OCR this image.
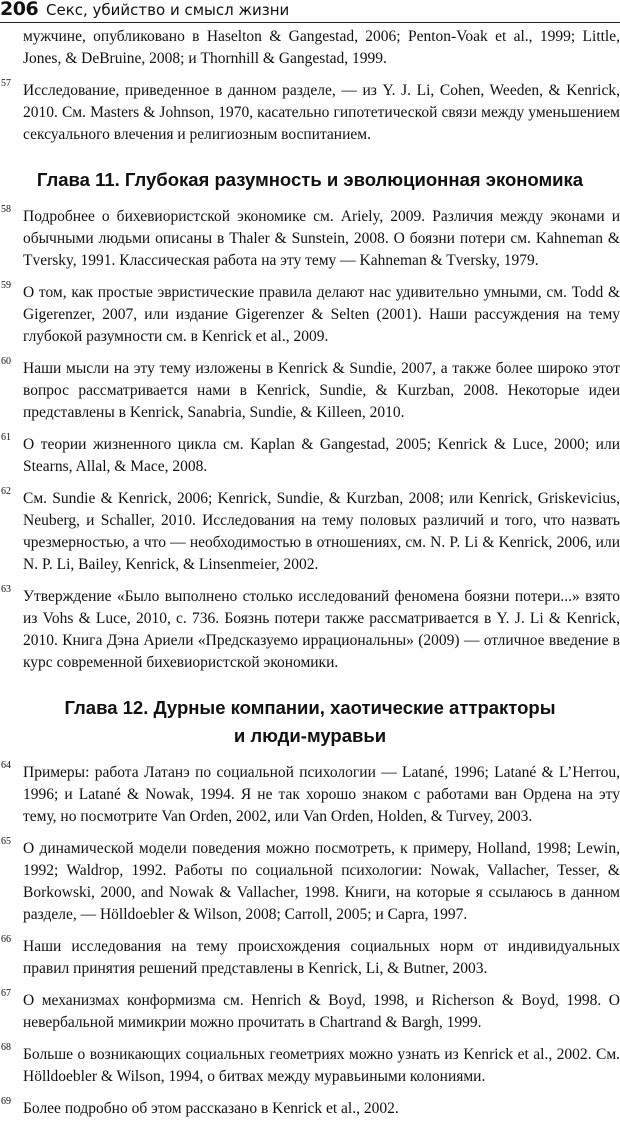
206 Секс, убийство и смысл жизни
мужчине, опубликовано в Haselton & Gangestad, 2006; Penton-Voak et al., 1999; Little, Jones, & DeBruine, 2008; и Thornhill & Gangestad, 1999.
57 Исследование, приведенное в данном разделе, — из Y. J. Li, Cohen, Weeden, & Kenrick, 2010. См. Masters & Johnson, 1970, касательно гипотетической связи между уменьшением сексуального влечения и религиозным воспитанием.
Глава 11. Глубокая разумность и эволюционная экономика
58 Подробнее о бихевиористской экономике см. Ariely, 2009. Различия между эконами и обычными людьми описаны в Thaler & Sunstein, 2008. О боязни потери см. Kahneman & Tversky, 1991. Классическая работа на эту тему — Kahneman & Tversky, 1979.
59 О том, как простые эвристические правила делают нас удивительно умными, см. Todd & Gigerenzer, 2007, или издание Gigerenzer & Selten (2001). Наши рассуждения на тему глубокой разумности см. в Kenrick et al., 2009.
60 Наши мысли на эту тему изложены в Kenrick & Sundie, 2007, а также более широко этот вопрос рассматривается нами в Kenrick, Sundie, & Kurzban, 2008. Некоторые идеи представлены в Kenrick, Sanabria, Sundie, & Killeen, 2010.
61 О теории жизненного цикла см. Kaplan & Gangestad, 2005; Kenrick & Luce, 2000; или Stearns, Allal, & Mace, 2008.
62 См. Sundie & Kenrick, 2006; Kenrick, Sundie, & Kurzban, 2008; или Kenrick, Griskevicius, Neuberg, и Schaller, 2010. Исследования на тему половых различий и того, что назвать чрезмерностью, а что — необходимостью в отношениях, см. N. P. Li & Kenrick, 2006, или N. P. Li, Bailey, Kenrick, & Linsenmeier, 2002.
63 Утверждение «Было выполнено столько исследований феномена боязни потери...» взято из Vohs & Luce, 2010, с. 736. Боязнь потери также рассматривается в Y. J. Li & Kenrick, 2010. Книга Дэна Ариели «Предсказуемо иррациональны» (2009) — отличное введение в курс современной бихевиористской экономики.
Глава 12. Дурные компании, хаотические аттракторы
и люди-муравьи
64 Примеры: работа Латанэ по социальной психологии — Latané, 1996; Latané & L’Herrou, 1996; и Latané & Nowak, 1994. Я не так хорошо знаком с работами ван Ордена на эту тему, но посмотрите Van Orden, 2002, или Van Orden, Holden, & Turvey, 2003.
65 О динамической модели поведения можно посмотреть, к примеру, Holland, 1998; Lewin, 1992; Waldrop, 1992. Работы по социальной психологии: Nowak, Vallacher, Tesser, & Borkowski, 2000, and Nowak & Vallacher, 1998. Книги, на которые я ссылаюсь в данном разделе, — Hölldoebler & Wilson, 2008; Carroll, 2005; и Capra, 1997.
66 Наши исследования на тему происхождения социальных норм от индивидуальных правил принятия решений представлены в Kenrick, Li, & Butner, 2003.
67 О механизмах конформизма см. Henrich & Boyd, 1998, и Richerson & Boyd, 1998. О невербальной мимикрии можно прочитать в Chartrand & Bargh, 1999.
68 Больше о возникающих социальных геометриях можно узнать из Kenrick et al., 2002. См. Hölldoebler & Wilson, 1994, о битвах между муравьиными колониями.
69 Более подробно об этом рассказано в Kenrick et al., 2002.
